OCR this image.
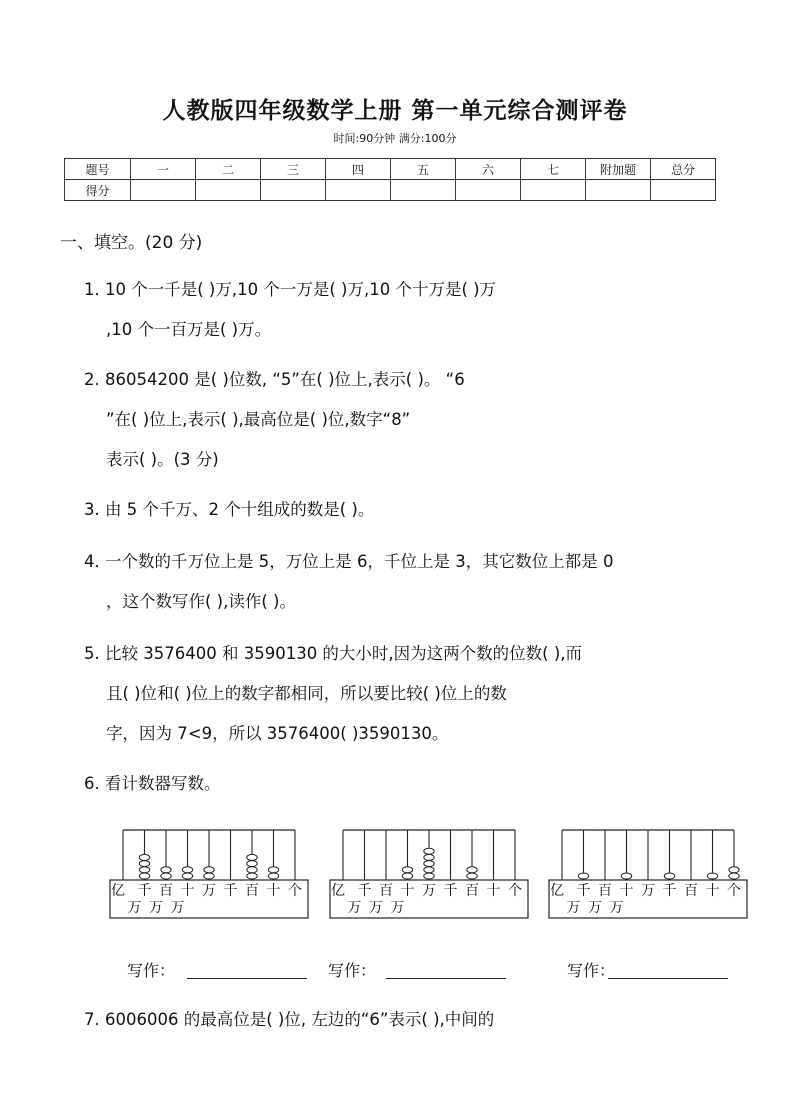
人教版四年级数学上册 第一单元综合测评卷
时间:90分钟 满分:100分
题号	一	二	三	四	五	六	七	附加题	总分
得分									
一、填空。(20 分)
1. 10 个一千是( )万,10 个一万是( )万,10 个十万是( )万
,10 个一百万是( )万。
2. 86054200 是( )位数, “5”在( )位上,表示( )。 “6
”在( )位上,表示( ),最高位是( )位,数字“8”
表示( )。(3 分)
3. 由 5 个千万、2 个十组成的数是( )。
4. 一个数的千万位上是 5，万位上是 6，千位上是 3，其它数位上都是 0
，这个数写作( ),读作( )。
5. 比较 3576400 和 3590130 的大小时,因为这两个数的位数( ),而
且( )位和( )位上的数字都相同，所以要比较( )位上的数
字，因为 7<9，所以 3576400( )3590130。
6. 看计数器写数。
亿 千 百 十 万 千 百 十 个
万 万 万
亿 千 百 十 万 千 百 十 个
万 万 万
亿 千 百 十 万 千 百 十 个
万 万 万
写作：	写作：	写作：
7. 6006006 的最高位是( )位, 左边的“6”表示( ),中间的
